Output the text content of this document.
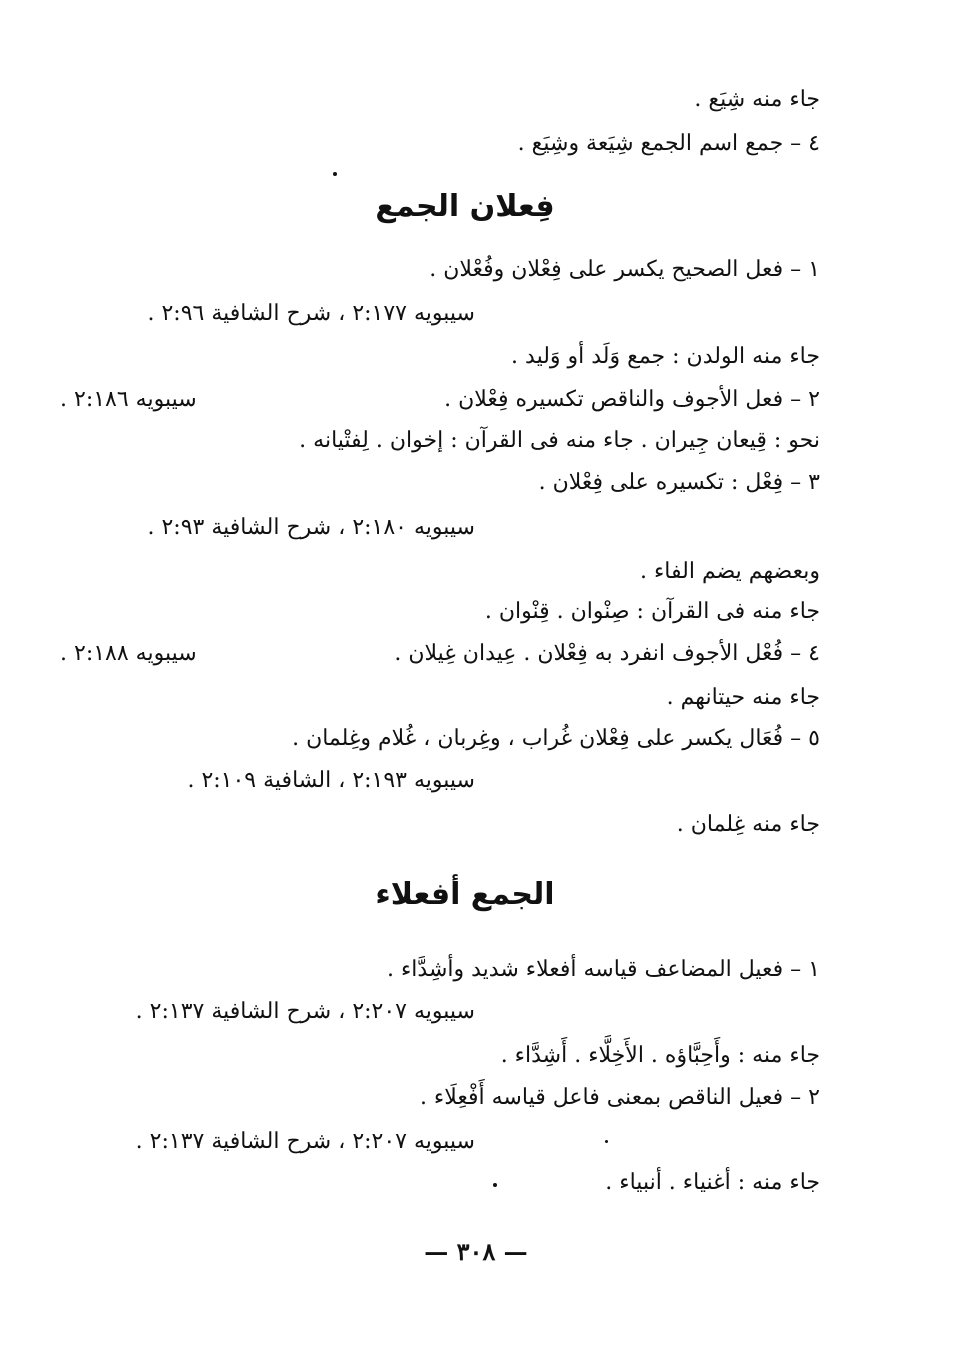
جاء منه شِيَع .
٤ – جمع اسم الجمع شِيَعة وشِيَع .
فِعلان الجمع
١ – فعل الصحيح يكسر على فِعْلان وفُعْلان .
سيبويه ٢:١٧٧ ، شرح الشافية ٢:٩٦ .
جاء منه الولدن : جمع وَلَد أو وَليد .
٢ – فعل الأجوف والناقص تكسيره فِعْلان .
سيبويه ٢:١٨٦ .
نحو : قِيعان جِيران . جاء منه فى القرآن : إخوان . لِفتْيانه .
٣ – فِعْل : تكسيره على فِعْلان .
سيبويه ٢:١٨٠ ، شرح الشافية ٢:٩٣ .
وبعضهم يضم الفاء .
جاء منه فى القرآن : صِنْوان . قِنْوان .
٤ – فُعْل الأجوف انفرد به فِعْلان . عِيدان غِيلان .
سيبويه ٢:١٨٨ .
جاء منه حيتانهم .
٥ – فُعَال يكسر على فِعْلان غُراب ، وغِربان ، غُلام وغِلمان .
سيبويه ٢:١٩٣ ، الشافية ٢:١٠٩ .
جاء منه غِلمان .
الجمع أفعلاء
١ – فعيل المضاعف قياسه أفعلاء شديد وأشِدَّاء .
سيبويه ٢:٢٠٧ ، شرح الشافية ٢:١٣٧ .
جاء منه : وأَحِبَّاؤه . الأَخِلَّاء . أَشِدَّاء .
٢ – فعيل الناقص بمعنى فاعل قياسه أَفْعِلَاء .
سيبويه ٢:٢٠٧ ، شرح الشافية ٢:١٣٧ .
جاء منه : أغنياء . أنبياء .
— ٣٠٨ —
